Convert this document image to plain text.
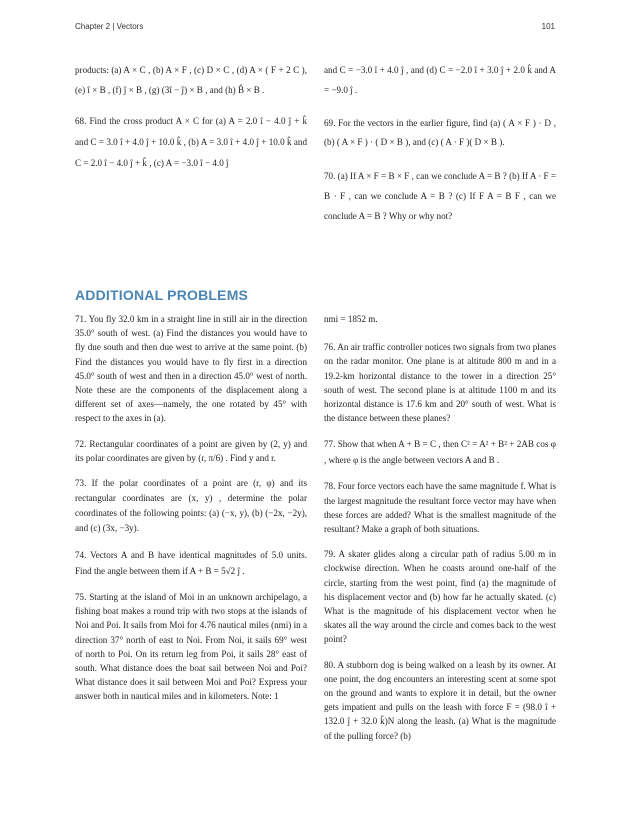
Chapter 2 | Vectors	101

products: (a) A × C , (b) A × F , (c) D × C , (d) A × ( F + 2 C ), (e) î × B , (f) ĵ × B , (g) (3î − ĵ) × B , and (h) B̂ × B .

68. Find the cross product A × C for (a) A = 2.0 î − 4.0 ĵ + k̂ and C = 3.0 î + 4.0 ĵ + 10.0 k̂ , (b) A = 3.0 î + 4.0 ĵ + 10.0 k̂ and C = 2.0 î − 4.0 ĵ + k̂ , (c) A = −3.0 î − 4.0 ĵ

and C = −3.0 î + 4.0 ĵ , and (d) C = −2.0 î + 3.0 ĵ + 2.0 k̂ and A = −9.0 ĵ .

69. For the vectors in the earlier figure, find (a) ( A × F ) · D , (b) ( A × F ) · ( D × B ), and (c) ( A · F )( D × B ).

70. (a) If A × F = B × F , can we conclude A = B ? (b) If A · F = B · F , can we conclude A = B ? (c) If F A = B F , can we conclude A = B ? Why or why not?

ADDITIONAL PROBLEMS

71. You fly 32.0 km in a straight line in still air in the direction 35.0° south of west. (a) Find the distances you would have to fly due south and then due west to arrive at the same point. (b) Find the distances you would have to fly first in a direction 45.0° south of west and then in a direction 45.0° west of north. Note these are the components of the displacement along a different set of axes—namely, the one rotated by 45° with respect to the axes in (a).

72. Rectangular coordinates of a point are given by (2, y) and its polar coordinates are given by (r, π/6) . Find y and r.

73. If the polar coordinates of a point are (r, φ) and its rectangular coordinates are (x, y) , determine the polar coordinates of the following points: (a) (−x, y), (b) (−2x, −2y), and (c) (3x, −3y).

74. Vectors A and B have identical magnitudes of 5.0 units. Find the angle between them if A + B = 5√2 ĵ .

75. Starting at the island of Moi in an unknown archipelago, a fishing boat makes a round trip with two stops at the islands of Noi and Poi. It sails from Moi for 4.76 nautical miles (nmi) in a direction 37° north of east to Noi. From Noi, it sails 69° west of north to Poi. On its return leg from Poi, it sails 28° east of south. What distance does the boat sail between Noi and Poi? What distance does it sail between Moi and Poi? Express your answer both in nautical miles and in kilometers. Note: 1

nmi = 1852 m.

76. An air traffic controller notices two signals from two planes on the radar monitor. One plane is at altitude 800 m and in a 19.2-km horizontal distance to the tower in a direction 25° south of west. The second plane is at altitude 1100 m and its horizontal distance is 17.6 km and 20° south of west. What is the distance between these planes?

77. Show that when A + B = C , then C² = A² + B² + 2AB cos φ , where φ is the angle between vectors A and B .

78. Four force vectors each have the same magnitude f. What is the largest magnitude the resultant force vector may have when these forces are added? What is the smallest magnitude of the resultant? Make a graph of both situations.

79. A skater glides along a circular path of radius 5.00 m in clockwise direction. When he coasts around one-half of the circle, starting from the west point, find (a) the magnitude of his displacement vector and (b) how far he actually skated. (c) What is the magnitude of his displacement vector when he skates all the way around the circle and comes back to the west point?

80. A stubborn dog is being walked on a leash by its owner. At one point, the dog encounters an interesting scent at some spot on the ground and wants to explore it in detail, but the owner gets impatient and pulls on the leash with force F = (98.0 î + 132.0 ĵ + 32.0 k̂)N along the leash. (a) What is the magnitude of the pulling force? (b)
